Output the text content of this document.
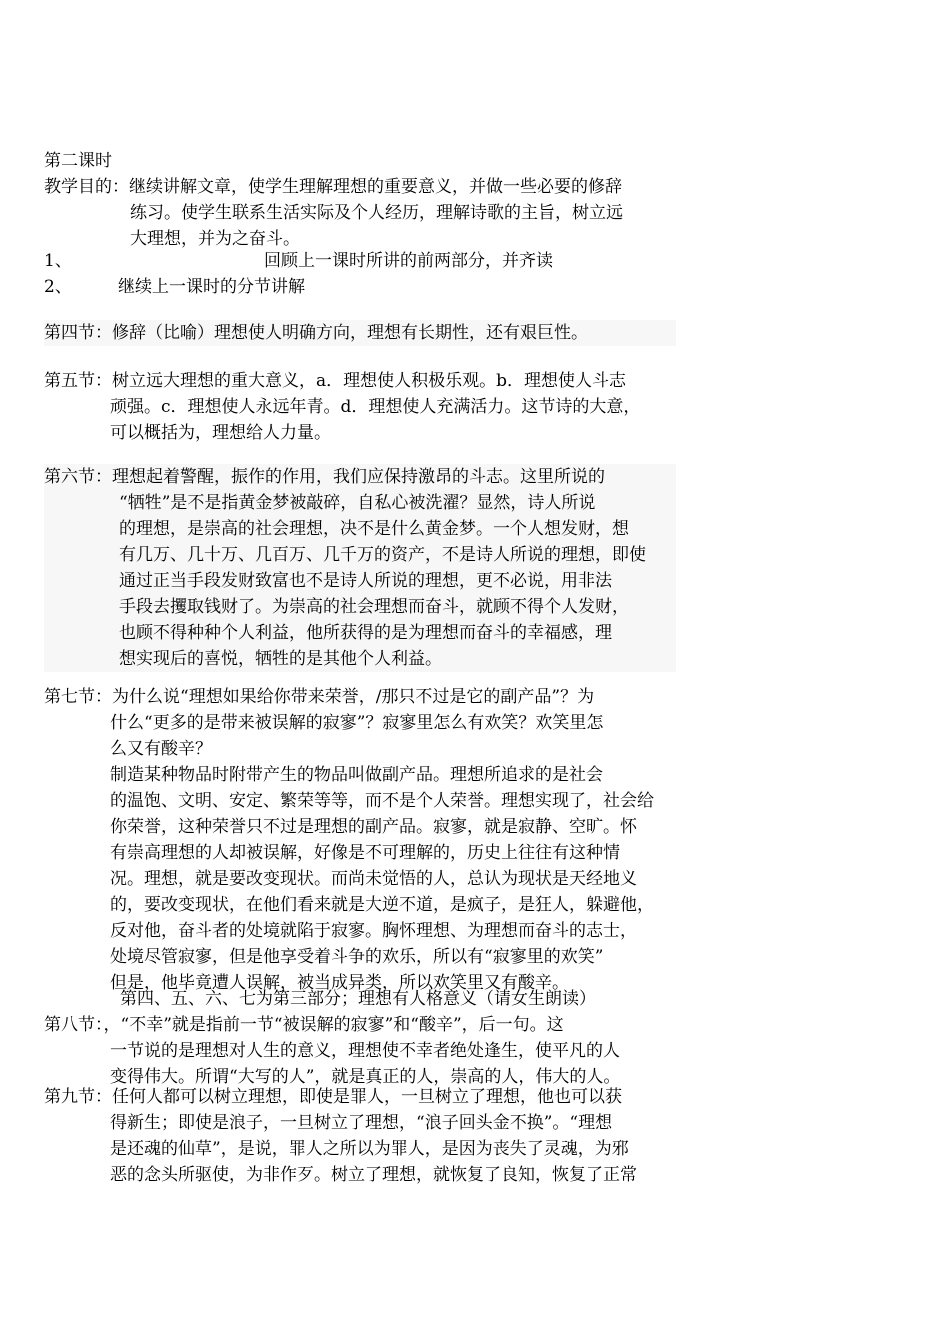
第二课时
教学目的：继续讲解文章，使学生理解理想的重要意义，并做一些必要的修辞
练习。使学生联系生活实际及个人经历，理解诗歌的主旨，树立远
大理想，并为之奋斗。
1、	回顾上一课时所讲的前两部分，并齐读
2、	继续上一课时的分节讲解
第四节：修辞（比喻）理想使人明确方向，理想有长期性，还有艰巨性。
第五节：树立远大理想的重大意义，a．理想使人积极乐观。b．理想使人斗志
顽强。c．理想使人永远年青。d．理想使人充满活力。这节诗的大意，
可以概括为，理想给人力量。
第六节：理想起着警醒，振作的作用，我们应保持激昂的斗志。这里所说的
“牺牲”是不是指黄金梦被敲碎，自私心被洗濯？显然，诗人所说
的理想，是崇高的社会理想，决不是什么黄金梦。一个人想发财，想
有几万、几十万、几百万、几千万的资产，不是诗人所说的理想，即使
通过正当手段发财致富也不是诗人所说的理想，更不必说，用非法
手段去攫取钱财了。为崇高的社会理想而奋斗，就顾不得个人发财，
也顾不得种种个人利益，他所获得的是为理想而奋斗的幸福感，理
想实现后的喜悦，牺牲的是其他个人利益。
第七节：为什么说“理想如果给你带来荣誉，/那只不过是它的副产品”？为
什么“更多的是带来被误解的寂寥”？寂寥里怎么有欢笑？欢笑里怎
么又有酸辛？
制造某种物品时附带产生的物品叫做副产品。理想所追求的是社会
的温饱、文明、安定、繁荣等等，而不是个人荣誉。理想实现了，社会给
你荣誉，这种荣誉只不过是理想的副产品。寂寥，就是寂静、空旷。怀
有崇高理想的人却被误解，好像是不可理解的，历史上往往有这种情
况。理想，就是要改变现状。而尚未觉悟的人，总认为现状是天经地义
的，要改变现状，在他们看来就是大逆不道，是疯子，是狂人，躲避他，
反对他，奋斗者的处境就陷于寂寥。胸怀理想、为理想而奋斗的志士，
处境尽管寂寥，但是他享受着斗争的欢乐，所以有“寂寥里的欢笑”
但是，他毕竟遭人误解，被当成异类，所以欢笑里又有酸辛。
第四、五、六、七为第三部分；理想有人格意义（请女生朗读）
第八节：，“不幸”就是指前一节“被误解的寂寥”和“酸辛”，后一句。这
一节说的是理想对人生的意义，理想使不幸者绝处逢生，使平凡的人
变得伟大。所谓“大写的人”，就是真正的人，崇高的人，伟大的人。
第九节：任何人都可以树立理想，即使是罪人，一旦树立了理想，他也可以获
得新生；即使是浪子，一旦树立了理想，“浪子回头金不换”。“理想
是还魂的仙草”，是说，罪人之所以为罪人，是因为丧失了灵魂，为邪
恶的念头所驱使，为非作歹。树立了理想，就恢复了良知，恢复了正常
